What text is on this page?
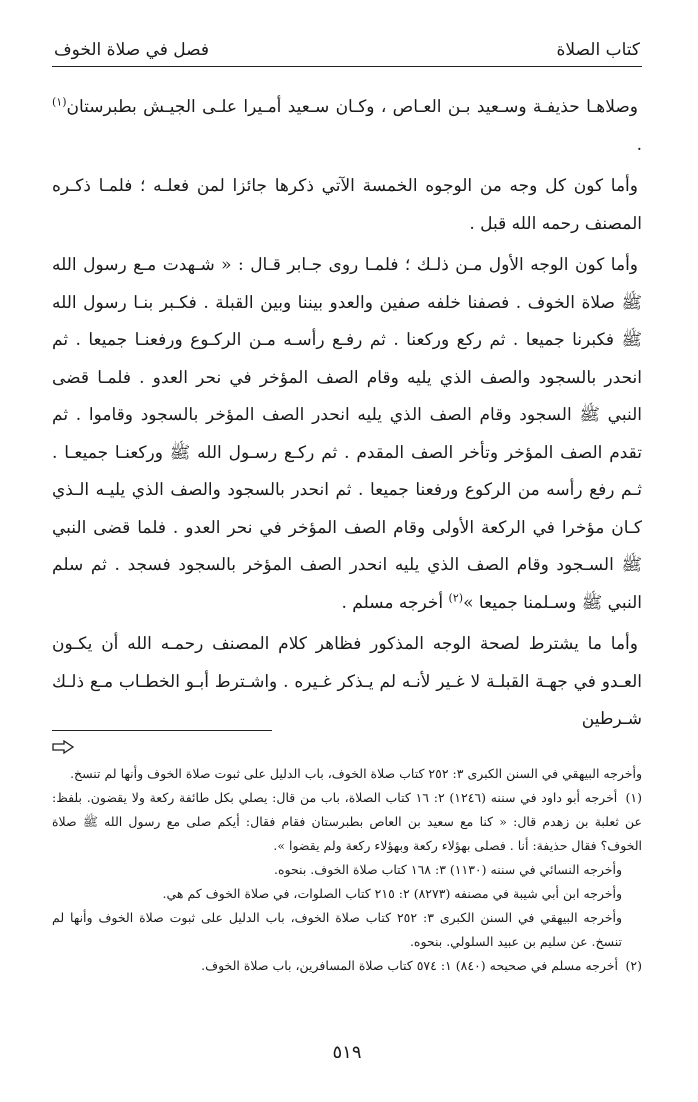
كتاب الصلاة
فصل في صلاة الخوف

وصلاهـا حذيفـة وسـعيد بـن العـاص ، وكـان سـعيد أمـيرا علـى الجيـش بطبرستان$^{(١)}$ .

وأما كون كل وجه من الوجوه الخمسة الآتي ذكرها جائزا لمن فعلـه ؛ فلمـا ذكـره المصنف رحمه الله قبل .

وأما كون الوجه الأول مـن ذلـك ؛ فلمـا روى جـابر قـال : « شـهدت مـع رسول الله ﷺ صلاة الخوف . فصفنا خلفه صفين والعدو بيننا وبين القبلة . فكـبر بنـا رسول الله ﷺ فكبرنا جميعا . ثم ركع وركعنا . ثم رفـع رأسـه مـن الركـوع ورفعنـا جميعا . ثم انحدر بالسجود والصف الذي يليه وقام الصف المؤخر في نحر العدو . فلمـا قضى النبي ﷺ السجود وقام الصف الذي يليه انحدر الصف المؤخر بالسجود وقاموا . ثم تقدم الصف المؤخر وتأخر الصف المقدم . ثم ركـع رسـول الله ﷺ وركعنـا جميعـا . ثـم رفع رأسه من الركوع ورفعنا جميعا . ثم انحدر بالسجود والصف الذي يليـه الـذي كـان مؤخرا في الركعة الأولى وقام الصف المؤخر في نحر العدو . فلما قضى النبي ﷺ السـجود وقام الصف الذي يليه انحدر الصف المؤخر بالسجود فسجد . ثم سلم النبي ﷺ وسـلمنا جميعا »$^{(٢)}$ أخرجه مسلم .

وأما ما يشترط لصحة الوجه المذكور فظاهر كلام المصنف رحمـه الله أن يكـون العـدو في جهـة القبلـة لا غـير لأنـه لم يـذكر غـيره . واشـترط أبـو الخطـاب مـع ذلـك شـرطين

وأخرجه البيهقي في السنن الكبرى ٣: ٢٥٢ كتاب صلاة الخوف، باب الدليل على ثبوت صلاة الخوف وأنها لم تنسخ.

(١) أخرجه أبو داود في سننه (١٢٤٦) ٢: ١٦ كتاب الصلاة، باب من قال: يصلي بكل طائفة ركعة ولا يقضون. بلفظ: عن ثعلبة بن زهدم قال: « كنا مع سعيد بن العاص بطبرستان فقام فقال: أيكم صلى مع رسول الله ﷺ صلاة الخوف؟ فقال حذيفة: أنا . فصلى بهؤلاء ركعة وبهؤلاء ركعة ولم يقضوا ».

وأخرجه النسائي في سننه (١١٣٠) ٣: ١٦٨ كتاب صلاة الخوف. بنحوه.

وأخرجه ابن أبي شيبة في مصنفه (٨٢٧٣) ٢: ٢١٥ كتاب الصلوات، في صلاة الخوف كم هي.

وأخرجه البيهقي في السنن الكبرى ٣: ٢٥٢ كتاب صلاة الخوف، باب الدليل على ثبوت صلاة الخوف وأنها لم تنسخ. عن سليم بن عبيد السلولي. بنحوه.

(٢) أخرجه مسلم في صحيحه (٨٤٠) ١: ٥٧٤ كتاب صلاة المسافرين، باب صلاة الخوف.

٥١٩
